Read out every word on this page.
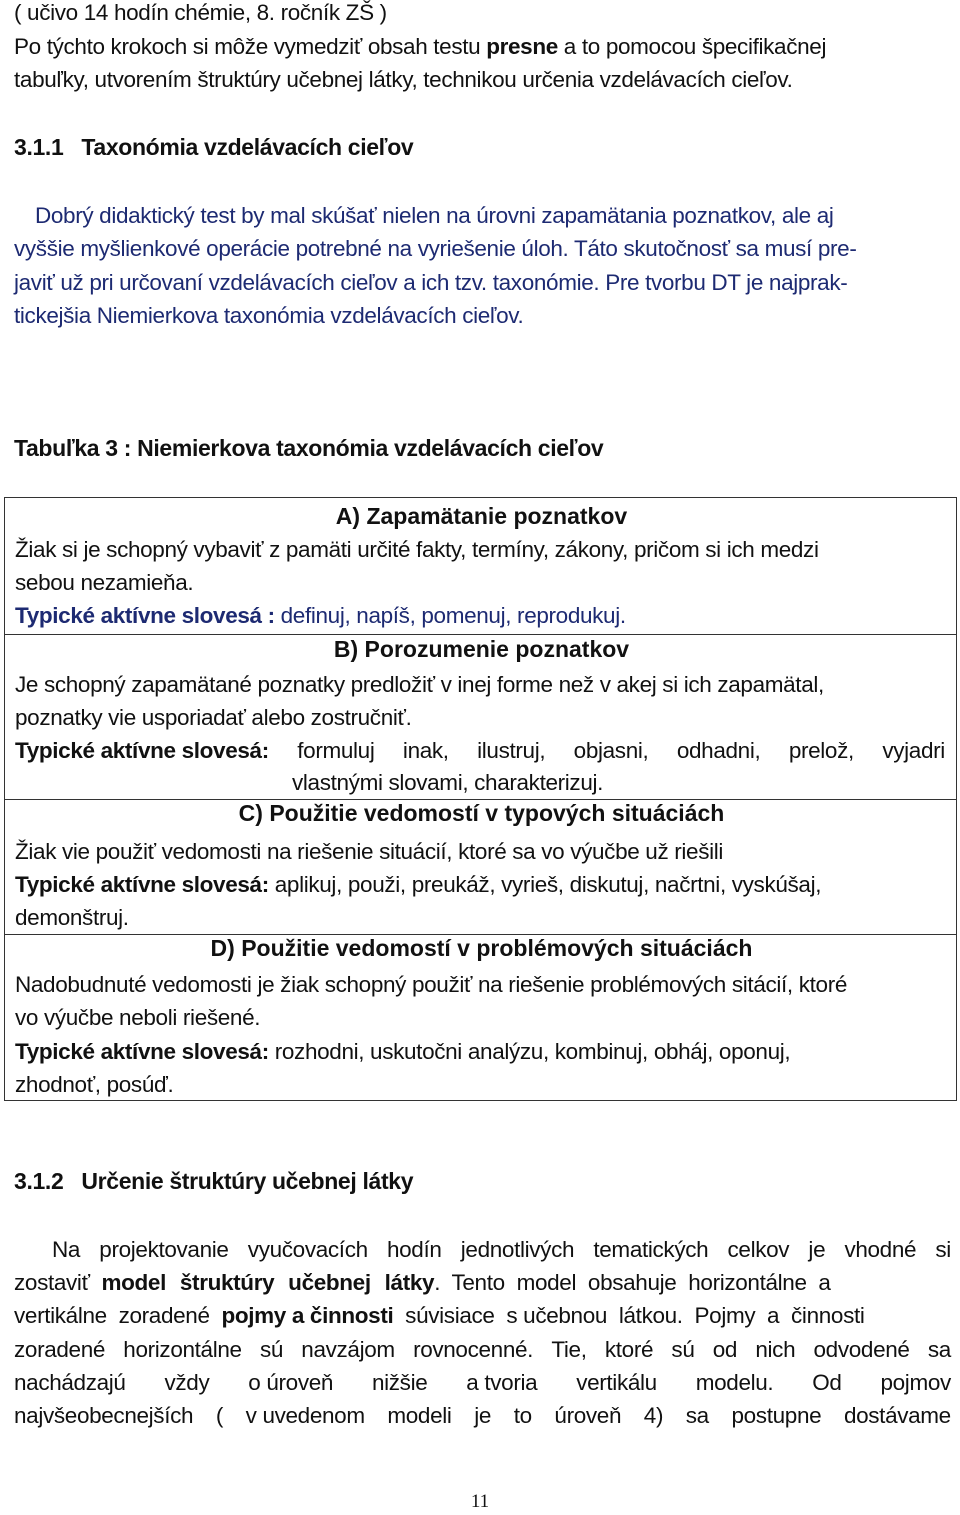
( učivo 14 hodín chémie, 8. ročník ZŠ )
Po týchto krokoch si môže vymedziť obsah testu presne a to pomocou špecifikačnej
tabuľky, utvorením štruktúry učebnej látky, technikou určenia vzdelávacích cieľov.
3.1.1 Taxonómia vzdelávacích cieľov
Dobrý didaktický test by mal skúšať nielen na úrovni zapamätania poznatkov, ale aj
vyššie myšlienkové operácie potrebné na vyriešenie úloh. Táto skutočnosť sa musí pre-
javiť už pri určovaní vzdelávacích cieľov a ich tzv. taxonómie. Pre tvorbu DT je najprak-
tickejšia Niemierkova taxonómia vzdelávacích cieľov.
Tabuľka 3 : Niemierkova taxonómia vzdelávacích cieľov
A) Zapamätanie poznatkov
Žiak si je schopný vybaviť z pamäti určité fakty, termíny, zákony, pričom si ich medzi
sebou nezamieňa.
Typické aktívne slovesá : definuj, napíš, pomenuj, reprodukuj.
B) Porozumenie poznatkov
Je schopný zapamätané poznatky predložiť v inej forme než v akej si ich zapamätal,
poznatky vie usporiadať alebo zostručniť.
Typické aktívne slovesá: formuluj inak, ilustruj, objasni, odhadni, prelož, vyjadri
vlastnými slovami, charakterizuj.
C) Použitie vedomostí v typových situáciách
Žiak vie použiť vedomosti na riešenie situácií, ktoré sa vo výučbe už riešili
Typické aktívne slovesá: aplikuj, použi, preukáž, vyrieš, diskutuj, načrtni, vyskúšaj,
demonštruj.
D) Použitie vedomostí v problémových situáciách
Nadobudnuté vedomosti je žiak schopný použiť na riešenie problémových sitácií, ktoré
vo výučbe neboli riešené.
Typické aktívne slovesá: rozhodni, uskutočni analýzu, kombinuj, obháj, oponuj,
zhodnoť, posúď.
3.1.2 Určenie štruktúry učebnej látky
Na projektovanie vyučovacích hodín jednotlivých tematických celkov je vhodné si
zostaviť model štruktúry učebnej látky.  Tento  model  obsahuje  horizontálne  a
vertikálne  zoradené  pojmy a činnosti  súvisiace  s učebnou  látkou.  Pojmy  a  činnosti
zoradené horizontálne sú navzájom rovnocenné. Tie, ktoré sú od nich odvodené sa
nachádzajú vždy o úroveň nižšie a tvoria vertikálu modelu. Od pojmov
najvšeobecnejších ( v uvedenom modeli je to úroveň 4) sa postupne dostávame
11
